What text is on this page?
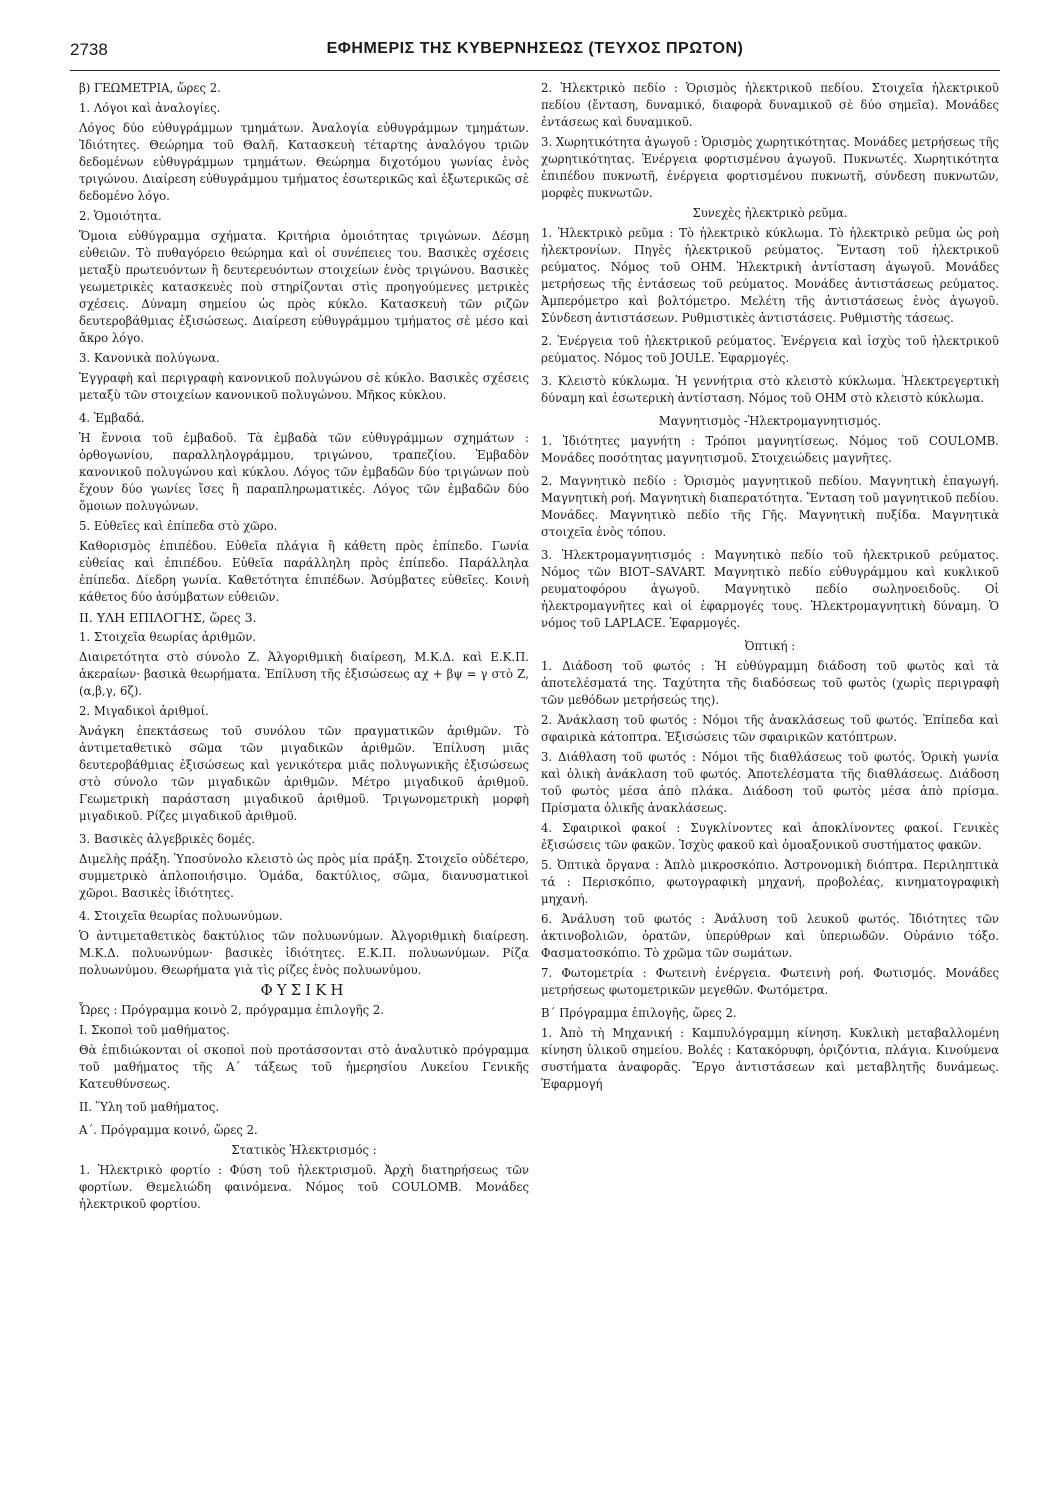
2738	ΕΦΗΜΕΡΙΣ ΤΗΣ ΚΥΒΕΡΝΗΣΕΩΣ (ΤΕΥΧΟΣ ΠΡΩΤΟΝ)

β) ΓΕΩΜΕΤΡΙΑ, ὥρες 2.

1. Λόγοι καὶ ἀναλογίες.

Λόγος δύο εὐθυγράμμων τμημάτων. Ἀναλογία εὐθυγράμμων τμημάτων. Ἰδιότητες. Θεώρημα τοῦ Θαλῆ. Κατασκευὴ τέταρτης ἀναλόγου τριῶν δεδομένων εὐθυγράμμων τμημάτων. Θεώρημα διχοτόμου γωνίας ἑνὸς τριγώνου. Διαίρεση εὐθυγράμμου τμήματος ἐσωτερικῶς καὶ ἐξωτερικῶς σὲ δεδομένο λόγο.

2. Ὁμοιότητα.

Ὅμοια εὐθύγραμμα σχήματα. Κριτήρια ὁμοιότητας τριγώνων. Δέσμη εὐθειῶν. Τὸ πυθαγόρειο θεώρημα καὶ οἱ συνέπειες του. Βασικὲς σχέσεις μεταξὺ πρωτευόντων ἢ δευτερευόντων στοιχείων ἑνὸς τριγώνου. Βασικὲς γεωμετρικὲς κατασκευὲς ποὺ στηρίζονται στὶς προηγούμενες μετρικὲς σχέσεις. Δύναμη σημείου ὡς πρὸς κύκλο. Κατασκευὴ τῶν ριζῶν δευτεροβάθμιας ἐξισώσεως. Διαίρεση εὐθυγράμμου τμήματος σὲ μέσο καὶ ἄκρο λόγο.

3. Κανονικὰ πολύγωνα.

Ἐγγραφὴ καὶ περιγραφὴ κανονικοῦ πολυγώνου σὲ κύκλο. Βασικὲς σχέσεις μεταξὺ τῶν στοιχείων κανονικοῦ πολυγώνου. Μῆκος κύκλου.

4. Ἐμβαδά.

Ἡ ἔννοια τοῦ ἐμβαδοῦ. Τὰ ἐμβαδὰ τῶν εὐθυγράμμων σχημάτων : ὀρθογωνίου, παραλληλογράμμου, τριγώνου, τραπεζίου. Ἐμβαδὸν κανονικοῦ πολυγώνου καὶ κύκλου. Λόγος τῶν ἐμβαδῶν δύο τριγώνων ποὺ ἔχουν δύο γωνίες ἴσες ἢ παραπληρωματικές. Λόγος τῶν ἐμβαδῶν δύο ὅμοιων πολυγώνων.

5. Εὐθεῖες καὶ ἐπίπεδα στὸ χῶρο.

Καθορισμὸς ἐπιπέδου. Εὐθεῖα πλάγια ἢ κάθετη πρὸς ἐπίπεδο. Γωνία εὐθείας καὶ ἐπιπέδου. Εὐθεῖα παράλληλη πρὸς ἐπίπεδο. Παράλληλα ἐπίπεδα. Δίεδρη γωνία. Καθετότητα ἐπιπέδων. Ἀσύμβατες εὐθεῖες. Κοινὴ κάθετος δύο ἀσύμβατων εὐθειῶν.

ΙΙ. ΥΛΗ ΕΠΙΛΟΓΗΣ, ὥρες 3.

1. Στοιχεῖα θεωρίας ἀριθμῶν.

Διαιρετότητα στὸ σύνολο Ζ. Ἀλγοριθμικὴ διαίρεση, Μ.Κ.Δ. καὶ Ε.Κ.Π. ἀκεραίων· βασικὰ θεωρήματα. Ἐπίλυση τῆς ἐξισώσεως αχ + βψ = γ στὸ Ζ, (α,β,γ, 6ζ).

2. Μιγαδικοὶ ἀριθμοί.

Ἀνάγκη ἐπεκτάσεως τοῦ συνόλου τῶν πραγματικῶν ἀριθμῶν. Τὸ ἀντιμεταθετικὸ σῶμα τῶν μιγαδικῶν ἀριθμῶν. Ἐπίλυση μιᾶς δευτεροβάθμιας ἐξισώσεως καὶ γενικότερα μιᾶς πολυγωνικῆς ἐξισώσεως στὸ σύνολο τῶν μιγαδικῶν ἀριθμῶν. Μέτρο μιγαδικοῦ ἀριθμοῦ. Γεωμετρικὴ παράσταση μιγαδικοῦ ἀριθμοῦ. Τριγωνομετρικὴ μορφὴ μιγαδικοῦ. Ρίζες μιγαδικοῦ ἀριθμοῦ.

3. Βασικὲς ἀλγεβρικὲς δομές.

Διμελὴς πράξη. Ὑποσύνολο κλειστὸ ὡς πρὸς μία πράξη. Στοιχεῖο οὐδέτερο, συμμετρικὸ ἀπλοποιήσιμο. Ὁμάδα, δακτύλιος, σῶμα, διανυσματικοὶ χῶροι. Βασικὲς ἰδιότητες.

4. Στοιχεῖα θεωρίας πολυωνύμων.

Ὁ ἀντιμεταθετικὸς δακτύλιος τῶν πολυωνύμων. Ἀλγοριθμικὴ διαίρεση. Μ.Κ.Δ. πολυωνύμων· βασικὲς ἰδιότητες. Ε.Κ.Π. πολυωνύμων. Ρίζα πολυωνύμου. Θεωρήματα γιὰ τὶς ρίζες ἑνὸς πολυωνύμου.

ΦΥΣΙΚΗ

Ὧρες : Πρόγραμμα κοινὸ 2, πρόγραμμα ἐπιλογῆς 2.

Ι. Σκοποὶ τοῦ μαθήματος.

Θὰ ἐπιδιώκονται οἱ σκοποὶ ποὺ προτάσσονται στὸ ἀναλυτικὸ πρόγραμμα τοῦ μαθήματος τῆς Α΄ τάξεως τοῦ ἡμερησίου Λυκείου Γενικῆς Κατευθύνσεως.

ΙΙ. Ὕλη τοῦ μαθήματος.

Α΄. Πρόγραμμα κοινό, ὥρες 2.

Στατικὸς Ἠλεκτρισμός :

1. Ἠλεκτρικὸ φορτίο : Φύση τοῦ ἠλεκτρισμοῦ. Ἀρχὴ διατηρήσεως τῶν φορτίων. Θεμελιώδη φαινόμενα. Νόμος τοῦ COULOMB. Μονάδες ἠλεκτρικοῦ φορτίου.

2. Ἠλεκτρικὸ πεδίο : Ὁρισμὸς ἠλεκτρικοῦ πεδίου. Στοιχεῖα ἠλεκτρικοῦ πεδίου (ἔνταση, δυναμικό, διαφορὰ δυναμικοῦ σὲ δύο σημεῖα). Μονάδες ἐντάσεως καὶ δυναμικοῦ.

3. Χωρητικότητα ἀγωγοῦ : Ὁρισμὸς χωρητικότητας. Μονάδες μετρήσεως τῆς χωρητικότητας. Ἐνέργεια φορτισμένου ἀγωγοῦ. Πυκνωτές. Χωρητικότητα ἐπιπέδου πυκνωτῆ, ἐνέργεια φορτισμένου πυκνωτῆ, σύνδεση πυκνωτῶν, μορφὲς πυκνωτῶν.

Συνεχὲς ἠλεκτρικὸ ρεῦμα.

1. Ἠλεκτρικὸ ρεῦμα : Τὸ ἠλεκτρικὸ κύκλωμα. Τὸ ἠλεκτρικὸ ρεῦμα ὡς ροὴ ἠλεκτρονίων. Πηγὲς ἠλεκτρικοῦ ρεύματος. Ἔνταση τοῦ ἠλεκτρικοῦ ρεύματος. Νόμος τοῦ ΟΗΜ. Ἠλεκτρικὴ ἀντίσταση ἀγωγοῦ. Μονάδες μετρήσεως τῆς ἐντάσεως τοῦ ρεύματος. Μονάδες ἀντιστάσεως ρεύματος. Ἀμπερόμετρο καὶ βολτόμετρο. Μελέτη τῆς ἀντιστάσεως ἑνὸς ἀγωγοῦ. Σύνδεση ἀντιστάσεων. Ρυθμιστικὲς ἀντιστάσεις. Ρυθμιστὴς τάσεως.

2. Ἐνέργεια τοῦ ἠλεκτρικοῦ ρεύματος. Ἐνέργεια καὶ ἰσχὺς τοῦ ἠλεκτρικοῦ ρεύματος. Νόμος τοῦ JOULE. Ἐφαρμογές.

3. Κλειστὸ κύκλωμα. Ἡ γεννήτρια στὸ κλειστὸ κύκλωμα. Ἠλεκτρεγερτικὴ δύναμη καὶ ἐσωτερικὴ ἀντίσταση. Νόμος τοῦ ΟΗΜ στὸ κλειστὸ κύκλωμα.

Μαγνητισμὸς -Ἠλεκτρομαγνητισμός.

1. Ἰδιότητες μαγνήτη : Τρόποι μαγνητίσεως. Νόμος τοῦ COULOMB. Μονάδες ποσότητας μαγνητισμοῦ. Στοιχειώδεις μαγνῆτες.

2. Μαγνητικὸ πεδίο : Ὁρισμὸς μαγνητικοῦ πεδίου. Μαγνητικὴ ἐπαγωγή. Μαγνητικὴ ροή. Μαγνητικὴ διαπερατότητα. Ἔνταση τοῦ μαγνητικοῦ πεδίου. Μονάδες. Μαγνητικὸ πεδίο τῆς Γῆς. Μαγνητικὴ πυξίδα. Μαγνητικὰ στοιχεῖα ἑνὸς τόπου.

3. Ἠλεκτρομαγνητισμός : Μαγνητικὸ πεδίο τοῦ ἠλεκτρικοῦ ρεύματος. Νόμος τῶν BIOT–SAVART. Μαγνητικὸ πεδίο εὐθυγράμμου καὶ κυκλικοῦ ρευματοφόρου ἀγωγοῦ. Μαγνητικὸ πεδίο σωληνοειδοῦς. Οἱ ἠλεκτρομαγνῆτες καὶ οἱ ἐφαρμογές τους. Ἠλεκτρομαγνητικὴ δύναμη. Ὁ νόμος τοῦ LAPLACE. Ἐφαρμογές.

Ὀπτική :

1. Διάδοση τοῦ φωτός : Ἡ εὐθύγραμμη διάδοση τοῦ φωτὸς καὶ τὰ ἀποτελέσματά της. Ταχύτητα τῆς διαδόσεως τοῦ φωτὸς (χωρὶς περιγραφὴ τῶν μεθόδων μετρήσεώς της).

2. Ἀνάκλαση τοῦ φωτός : Νόμοι τῆς ἀνακλάσεως τοῦ φωτός. Ἐπίπεδα καὶ σφαιρικὰ κάτοπτρα. Ἐξισώσεις τῶν σφαιρικῶν κατόπτρων.

3. Διάθλαση τοῦ φωτός : Νόμοι τῆς διαθλάσεως τοῦ φωτός. Ὁρικὴ γωνία καὶ ὁλικὴ ἀνάκλαση τοῦ φωτός. Ἀποτελέσματα τῆς διαθλάσεως. Διάδοση τοῦ φωτὸς μέσα ἀπὸ πλάκα. Διάδοση τοῦ φωτὸς μέσα ἀπὸ πρίσμα. Πρίσματα ὁλικῆς ἀνακλάσεως.

4. Σφαιρικοὶ φακοί : Συγκλίνοντες καὶ ἀποκλίνοντες φακοί. Γενικὲς ἐξισώσεις τῶν φακῶν. Ἰσχὺς φακοῦ καὶ ὁμοαξονικοῦ συστήματος φακῶν.

5. Ὀπτικὰ ὄργανα : Ἁπλὸ μικροσκόπιο. Ἀστρονομικὴ διόπτρα. Περιληπτικὰ τά : Περισκόπιο, φωτογραφικὴ μηχανή, προβολέας, κινηματογραφικὴ μηχανή.

6. Ἀνάλυση τοῦ φωτός : Ἀνάλυση τοῦ λευκοῦ φωτός. Ἰδιότητες τῶν ἀκτινοβολιῶν, ὁρατῶν, ὑπερύθρων καὶ ὑπεριωδῶν. Οὐράνιο τόξο. Φασματοσκόπιο. Τὸ χρῶμα τῶν σωμάτων.

7. Φωτομετρία : Φωτεινὴ ἐνέργεια. Φωτεινὴ ροή. Φωτισμός. Μονάδες μετρήσεως φωτομετρικῶν μεγεθῶν. Φωτόμετρα.

Β΄ Πρόγραμμα ἐπιλογῆς, ὥρες 2.

1. Ἀπὸ τὴ Μηχανική : Καμπυλόγραμμη κίνηση. Κυκλικὴ μεταβαλλομένη κίνηση ὑλικοῦ σημείου. Βολές : Κατακόρυφη, ὁριζόντια, πλάγια. Κινούμενα συστήματα ἀναφορᾶς. Ἔργο ἀντιστάσεων καὶ μεταβλητῆς δυνάμεως. Ἐφαρμογή
